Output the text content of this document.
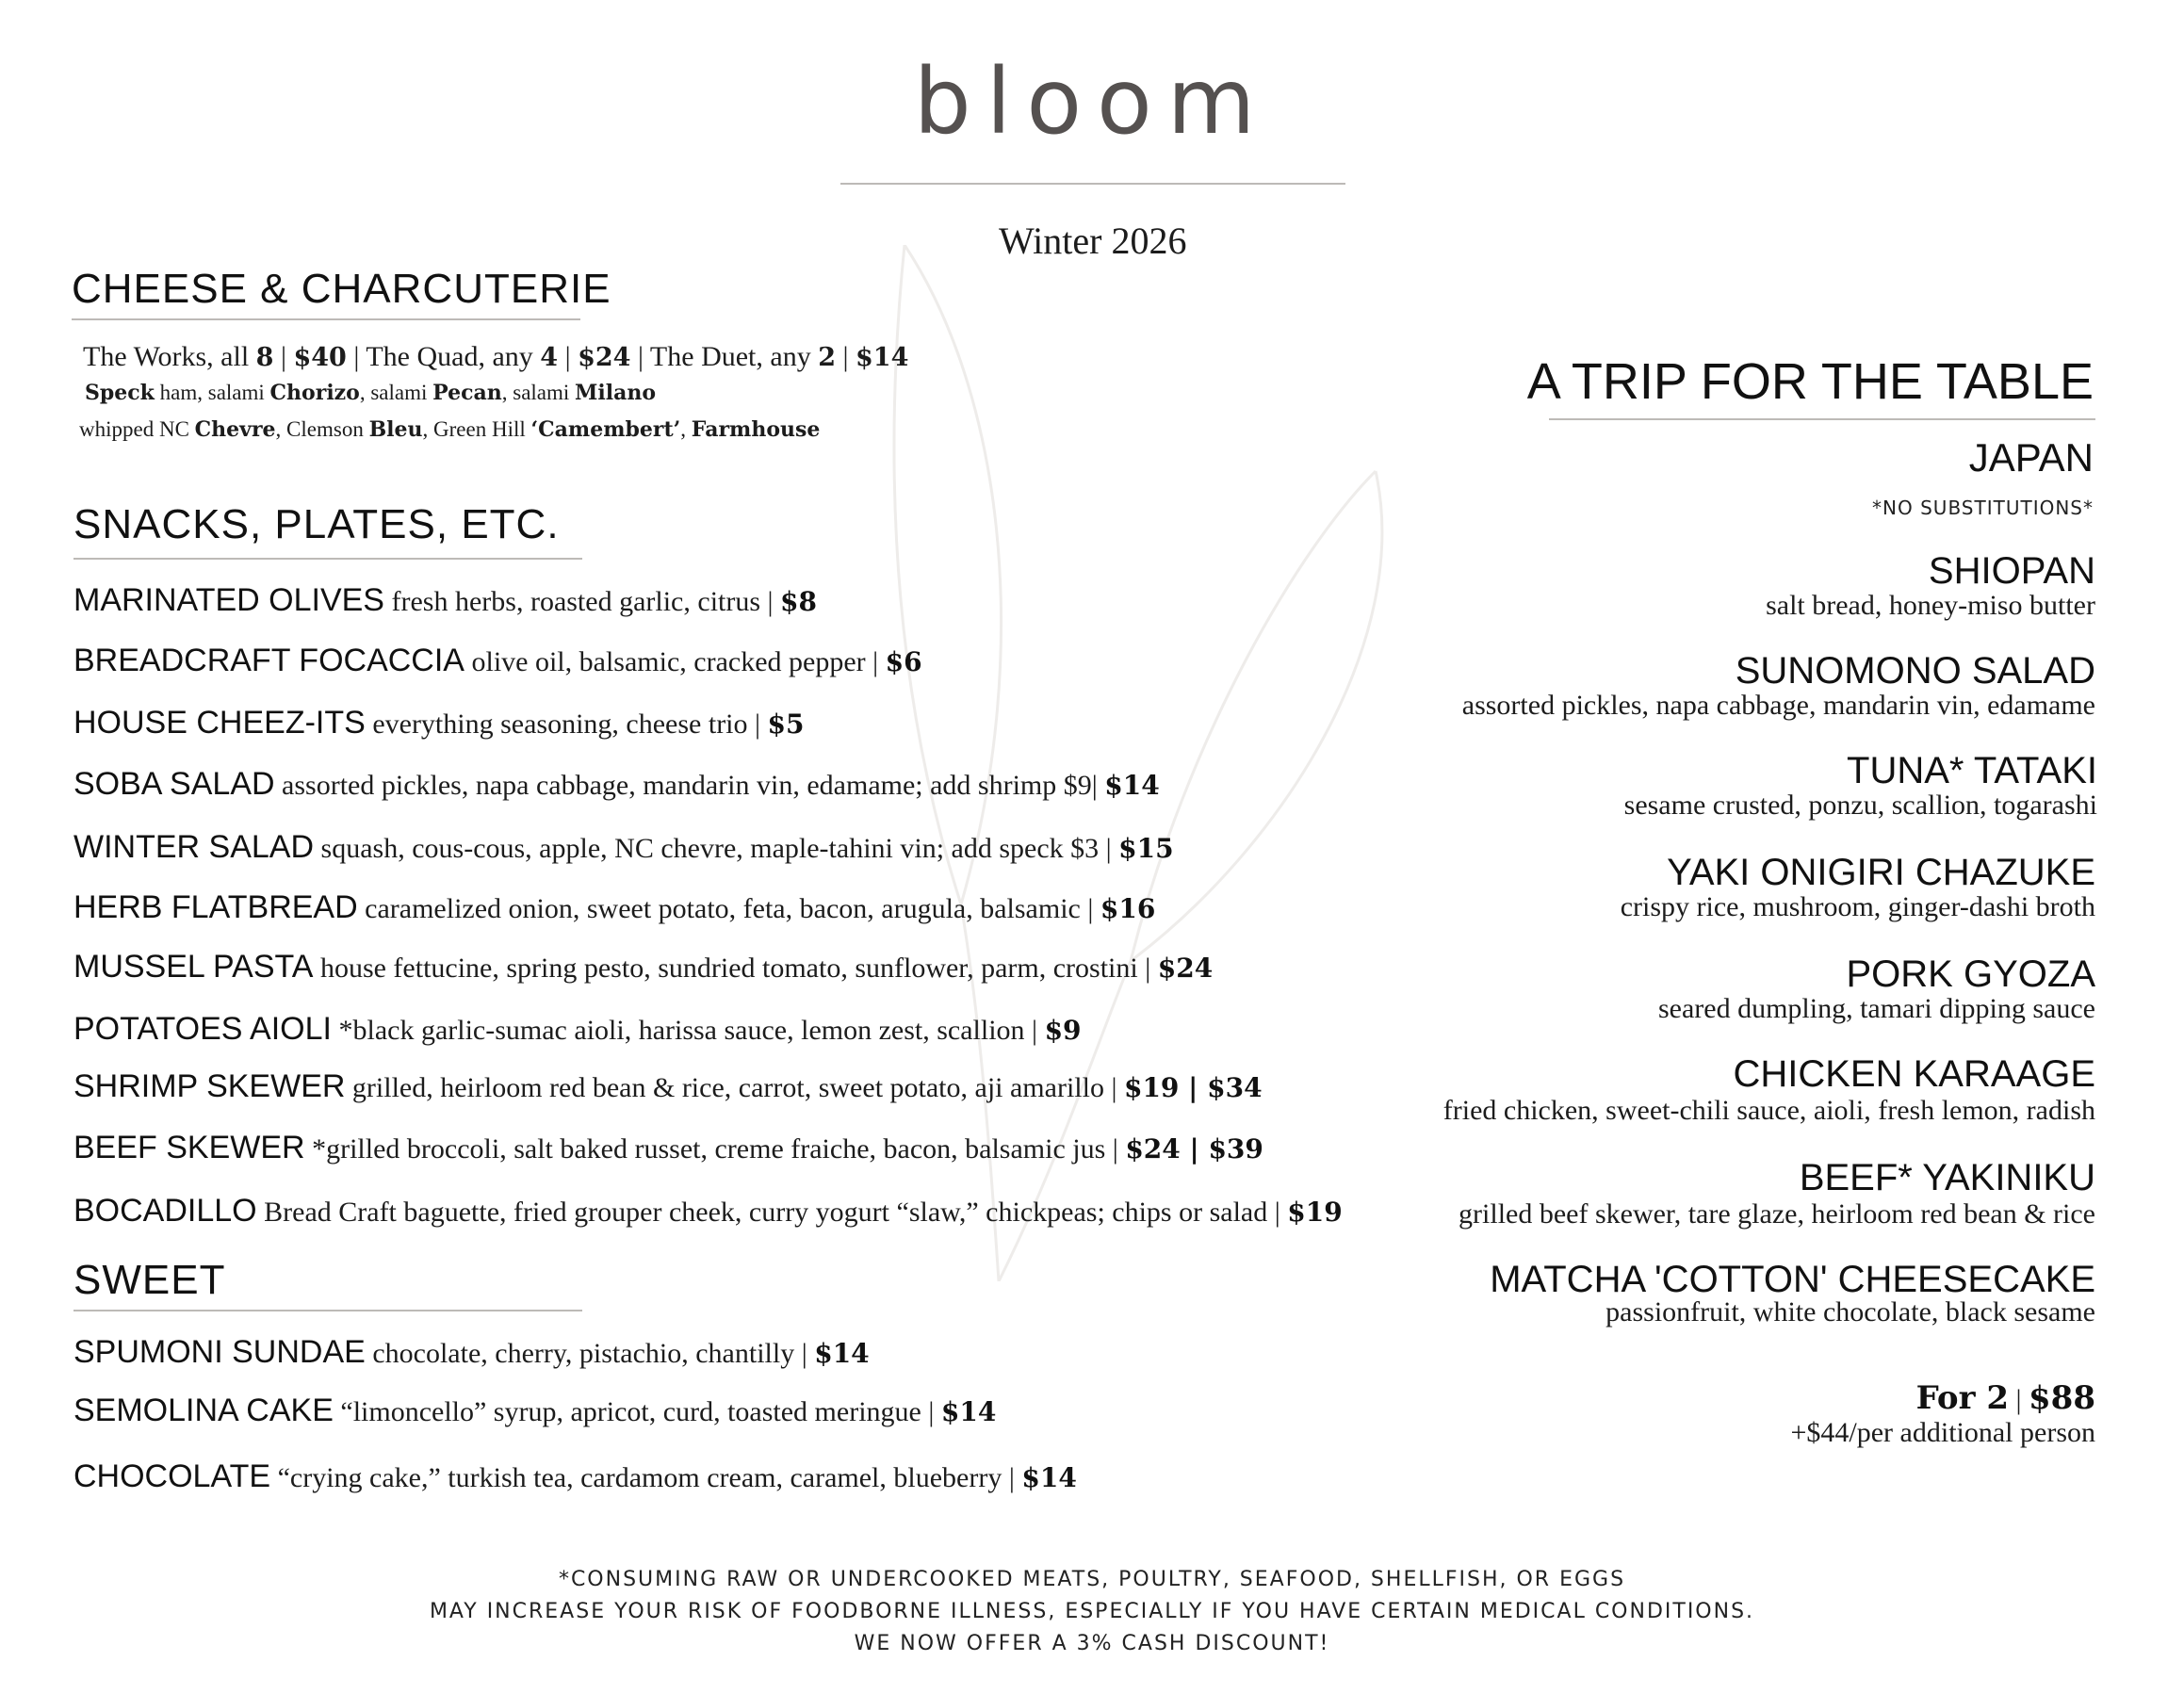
bloom
Winter 2026
CHEESE & CHARCUTERIE
The Works, all 8 | $40 | The Quad, any 4 | $24 | The Duet, any 2 | $14
Speck ham, salami Chorizo, salami Pecan, salami Milano
whipped NC Chevre, Clemson Bleu, Green Hill ‘Camembert’, Farmhouse
SNACKS, PLATES, ETC.
MARINATED OLIVES fresh herbs, roasted garlic, citrus | $8
BREADCRAFT FOCACCIA olive oil, balsamic, cracked pepper | $6
HOUSE CHEEZ-ITS everything seasoning, cheese trio | $5
SOBA SALAD assorted pickles, napa cabbage, mandarin vin, edamame; add shrimp $9| $14
WINTER SALAD squash, cous-cous, apple, NC chevre, maple-tahini vin; add speck $3 | $15
HERB FLATBREAD caramelized onion, sweet potato, feta, bacon, arugula, balsamic | $16
MUSSEL PASTA house fettucine, spring pesto, sundried tomato, sunflower, parm, crostini | $24
POTATOES AIOLI *black garlic-sumac aioli, harissa sauce, lemon zest, scallion | $9
SHRIMP SKEWER grilled, heirloom red bean & rice, carrot, sweet potato, aji amarillo | $19 | $34
BEEF SKEWER *grilled broccoli, salt baked russet, creme fraiche, bacon, balsamic jus | $24 | $39
BOCADILLO Bread Craft baguette, fried grouper cheek, curry yogurt “slaw,” chickpeas; chips or salad | $19
SWEET
SPUMONI SUNDAE chocolate, cherry, pistachio, chantilly | $14
SEMOLINA CAKE “limoncello” syrup, apricot, curd, toasted meringue | $14
CHOCOLATE “crying cake,” turkish tea, cardamom cream, caramel, blueberry | $14
A TRIP FOR THE TABLE
JAPAN
*NO SUBSTITUTIONS*
SHIOPAN
salt bread, honey-miso butter
SUNOMONO SALAD
assorted pickles, napa cabbage, mandarin vin, edamame
TUNA* TATAKI
sesame crusted, ponzu, scallion, togarashi
YAKI ONIGIRI CHAZUKE
crispy rice, mushroom, ginger-dashi broth
PORK GYOZA
seared dumpling, tamari dipping sauce
CHICKEN KARAAGE
fried chicken, sweet-chili sauce, aioli, fresh lemon, radish
BEEF* YAKINIKU
grilled beef skewer, tare glaze, heirloom red bean & rice
MATCHA 'COTTON' CHEESECAKE
passionfruit, white chocolate, black sesame
For 2 | $88
+$44/per additional person
*CONSUMING RAW OR UNDERCOOKED MEATS, POULTRY, SEAFOOD, SHELLFISH, OR EGGS
MAY INCREASE YOUR RISK OF FOODBORNE ILLNESS, ESPECIALLY IF YOU HAVE CERTAIN MEDICAL CONDITIONS.
WE NOW OFFER A 3% CASH DISCOUNT!
